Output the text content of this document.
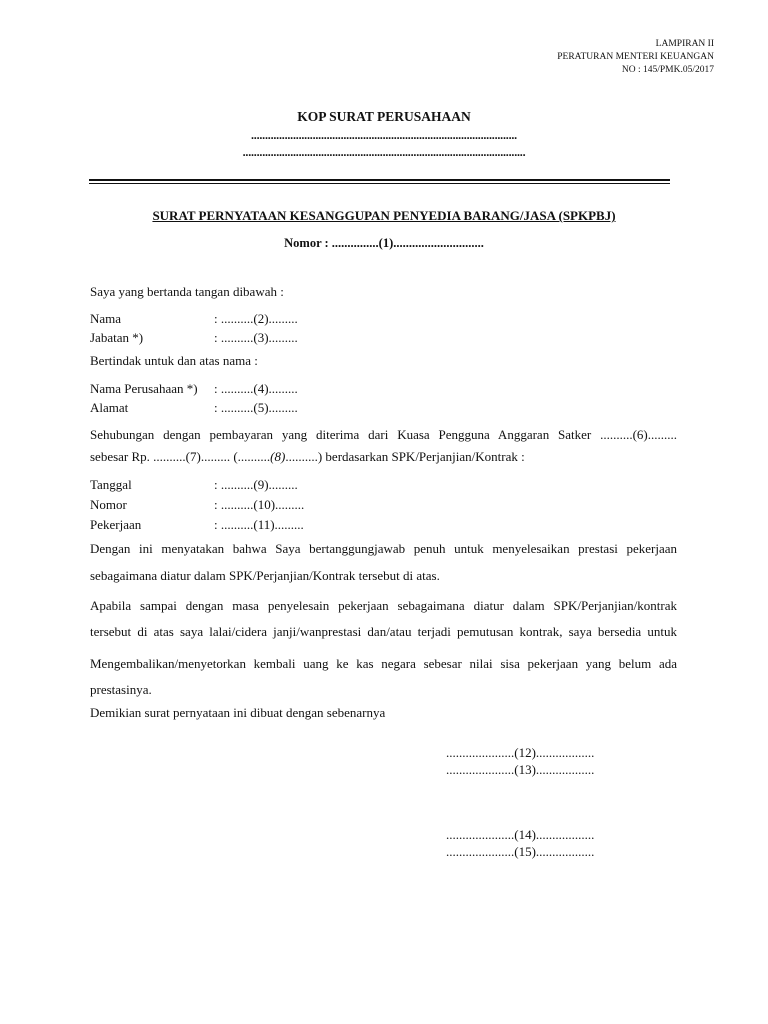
LAMPIRAN II
PERATURAN MENTERI KEUANGAN
NO : 145/PMK.05/2017
KOP SURAT PERUSAHAAN
...............................................................................................
.....................................................................................................
SURAT PERNYATAAN KESANGGUPAN PENYEDIA BARANG/JASA (SPKPBJ)
Nomor : ...............(1).............................
Saya yang bertanda tangan dibawah :
Nama	: ..........(2).........
Jabatan *)	: ..........(3).........
Bertindak untuk dan atas nama :
Nama Perusahaan *) : ..........(4).........
Alamat	: ..........(5).........
Sehubungan dengan pembayaran yang diterima dari Kuasa Pengguna Anggaran Satker ..........(6).........
sebesar Rp. ..........(7)......... (..........(8)..........) berdasarkan SPK/Perjanjian/Kontrak :
Tanggal	: ..........(9).........
Nomor	: ..........(10).........
Pekerjaan	: ..........(11).........
Dengan ini menyatakan bahwa Saya bertanggungjawab penuh untuk menyelesaikan prestasi pekerjaan
sebagaimana diatur dalam SPK/Perjanjian/Kontrak tersebut di atas.
Apabila sampai dengan masa penyelesain pekerjaan sebagaimana diatur dalam SPK/Perjanjian/kontrak
tersebut di atas saya lalai/cidera janji/wanprestasi dan/atau terjadi pemutusan kontrak, saya bersedia untuk
Mengembalikan/menyetorkan kembali uang ke kas negara sebesar nilai sisa pekerjaan yang belum ada
prestasinya.
Demikian surat pernyataan ini dibuat dengan sebenarnya
.....................(12)..................
.....................(13)..................
.....................(14)..................
.....................(15)..................
